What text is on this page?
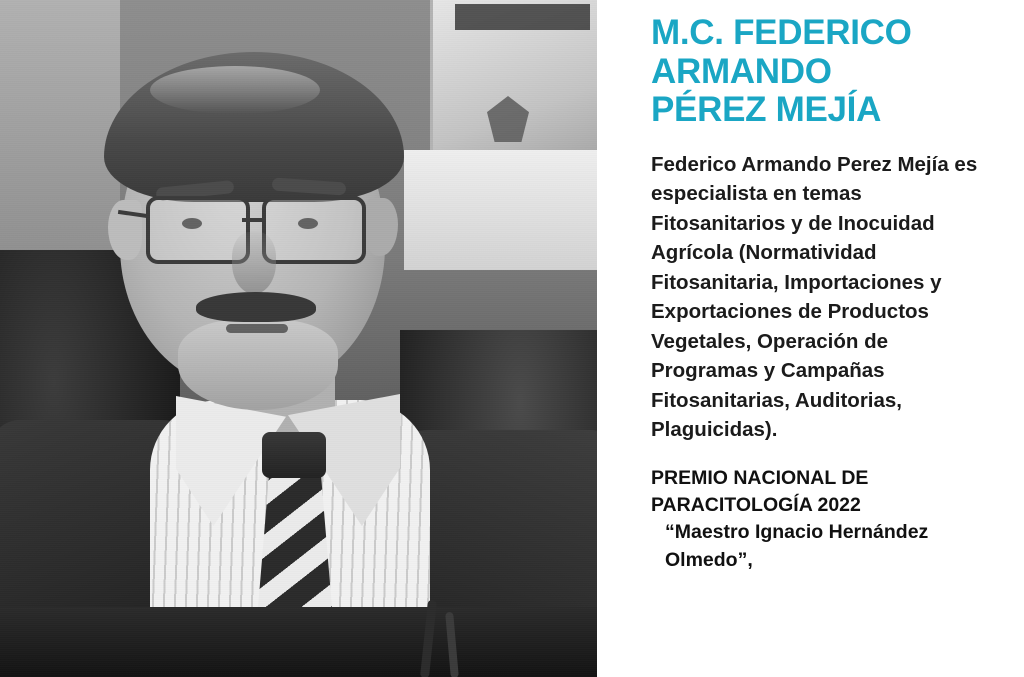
M.C. FEDERICO
ARMANDO
PÉREZ MEJÍA

Federico Armando Perez Mejía es especialista en temas Fitosanitarios y de Inocuidad Agrícola (Normatividad Fitosanitaria, Importaciones y Exportaciones de Productos Vegetales, Operación de Programas y Campañas Fitosanitarias, Auditorias, Plaguicidas).

PREMIO NACIONAL DE
PARACITOLOGÍA 2022
“Maestro Ignacio Hernández
Olmedo”,
